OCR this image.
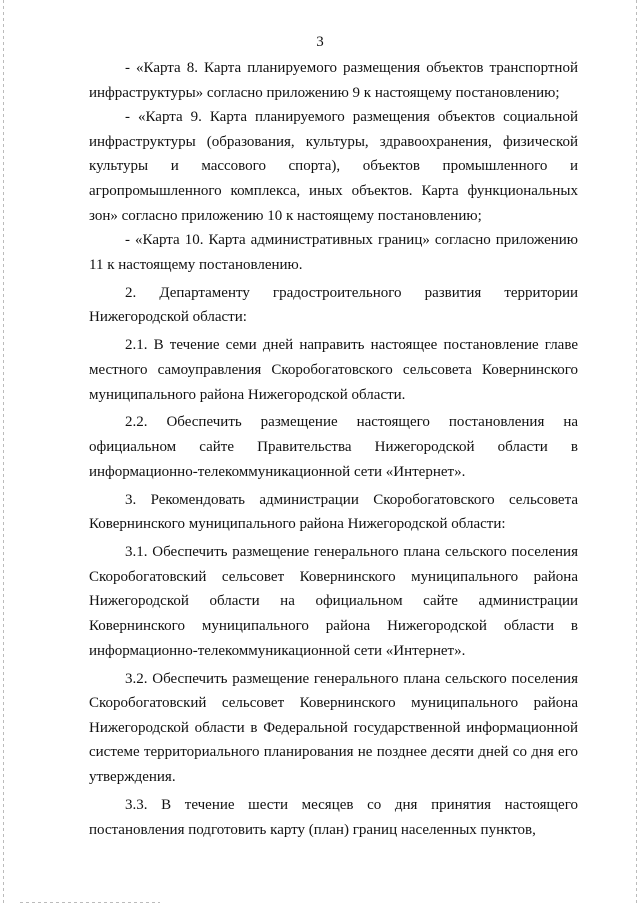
3

- «Карта 8. Карта планируемого размещения объектов транспортной инфраструктуры» согласно приложению 9 к настоящему постановлению;

- «Карта 9. Карта планируемого размещения объектов социальной инфраструктуры (образования, культуры, здравоохранения, физической культуры и массового спорта), объектов промышленного и агропромышленного комплекса, иных объектов. Карта функциональных зон» согласно приложению 10 к настоящему постановлению;

- «Карта 10. Карта административных границ» согласно приложению 11 к настоящему постановлению.

2. Департаменту градостроительного развития территории Нижегородской области:

2.1. В течение семи дней направить настоящее постановление главе местного самоуправления Скоробогатовского сельсовета Ковернинского муниципального района Нижегородской области.

2.2. Обеспечить размещение настоящего постановления на официальном сайте Правительства Нижегородской области в информационно-телекоммуникационной сети «Интернет».

3. Рекомендовать администрации Скоробогатовского сельсовета Ковернинского муниципального района Нижегородской области:

3.1. Обеспечить размещение генерального плана сельского поселения Скоробогатовский сельсовет Ковернинского муниципального района Нижегородской области на официальном сайте администрации Ковернинского муниципального района Нижегородской области в информационно-телекоммуникационной сети «Интернет».

3.2. Обеспечить размещение генерального плана сельского поселения Скоробогатовский сельсовет Ковернинского муниципального района Нижегородской области в Федеральной государственной информационной системе территориального планирования не позднее десяти дней со дня его утверждения.

3.3. В течение шести месяцев со дня принятия настоящего постановления подготовить карту (план) границ населенных пунктов,
